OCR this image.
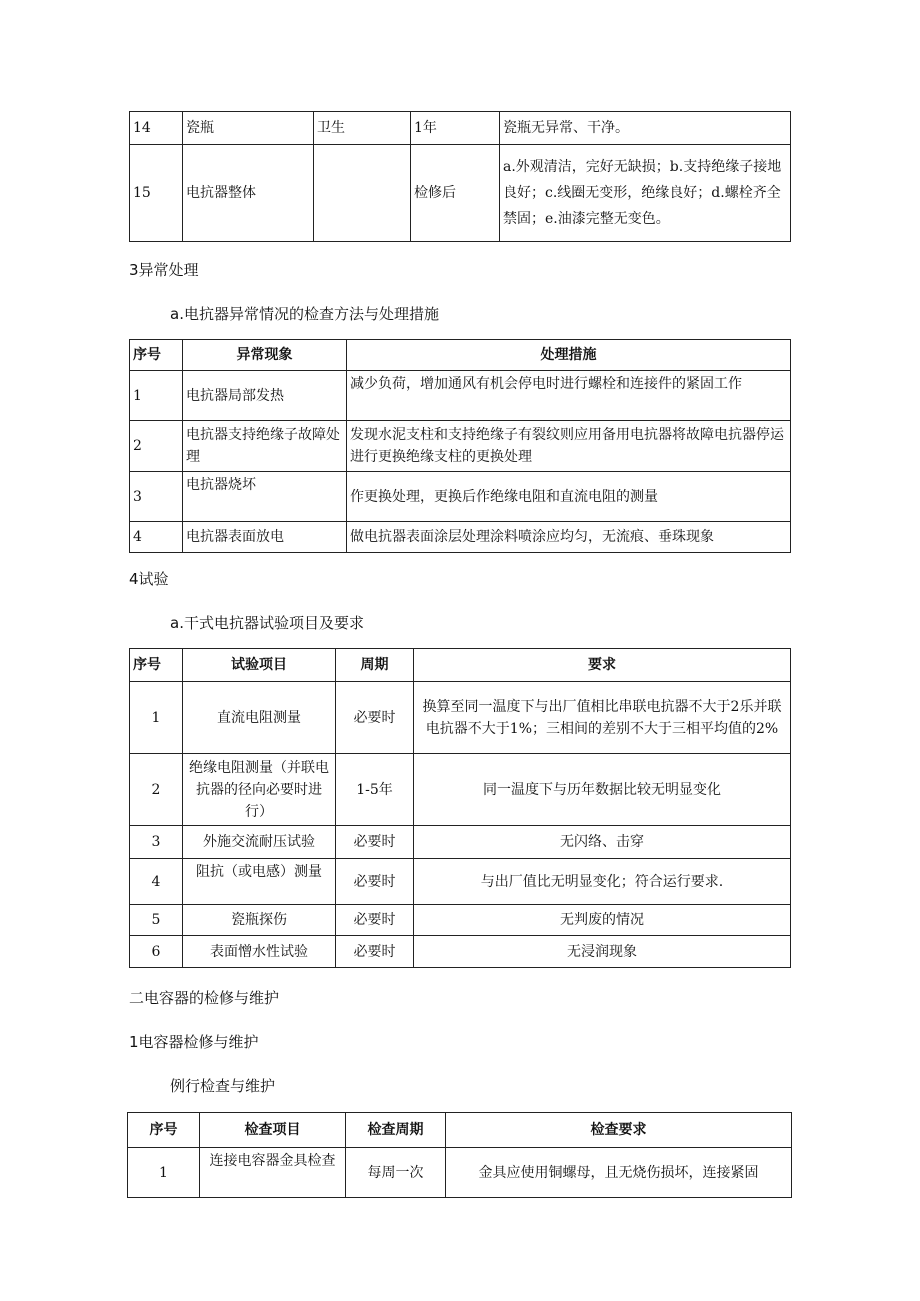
14	瓷瓶	卫生	1年	瓷瓶无异常、干净。
15	电抗器整体		检修后	a.外观清洁，完好无缺损；b.支持绝缘子接地良好；c.线圈无变形，绝缘良好；d.螺栓齐全禁固；e.油漆完整无变色。
3异常处理
a.电抗器异常情况的检查方法与处理措施
序号	异常现象	处理措施
1	电抗器局部发热	减少负荷，增加通风有机会停电时进行螺栓和连接件的紧固工作
2	电抗器支持绝缘子故障处理	发现水泥支柱和支持绝缘子有裂纹则应用备用电抗器将故障电抗器停运进行更换绝缘支柱的更换处理
3	电抗器烧坏	作更换处理，更换后作绝缘电阻和直流电阻的测量
4	电抗器表面放电	做电抗器表面涂层处理涂料喷涂应均匀，无流痕、垂珠现象
4试验
a.干式电抗器试验项目及要求
序号	试验项目	周期	要求
1	直流电阻测量	必要时	换算至同一温度下与出厂值相比串联电抗器不大于2乐并联电抗器不大于1%；三相间的差别不大于三相平均值的2%
2	绝缘电阻测量（并联电抗器的径向必要时进行）	1-5年	同一温度下与历年数据比较无明显变化
3	外施交流耐压试验	必要时	无闪络、击穿
4	阻抗（或电感）测量	必要时	与出厂值比无明显变化；符合运行要求.
5	瓷瓶探伤	必要时	无判废的情况
6	表面憎水性试验	必要时	无浸润现象
二电容器的检修与维护
1电容器检修与维护
例行检查与维护
序号	检查项目	检查周期	检查要求
1	连接电容器金具检查	每周一次	金具应使用铜螺母，且无烧伤损坏，连接紧固
